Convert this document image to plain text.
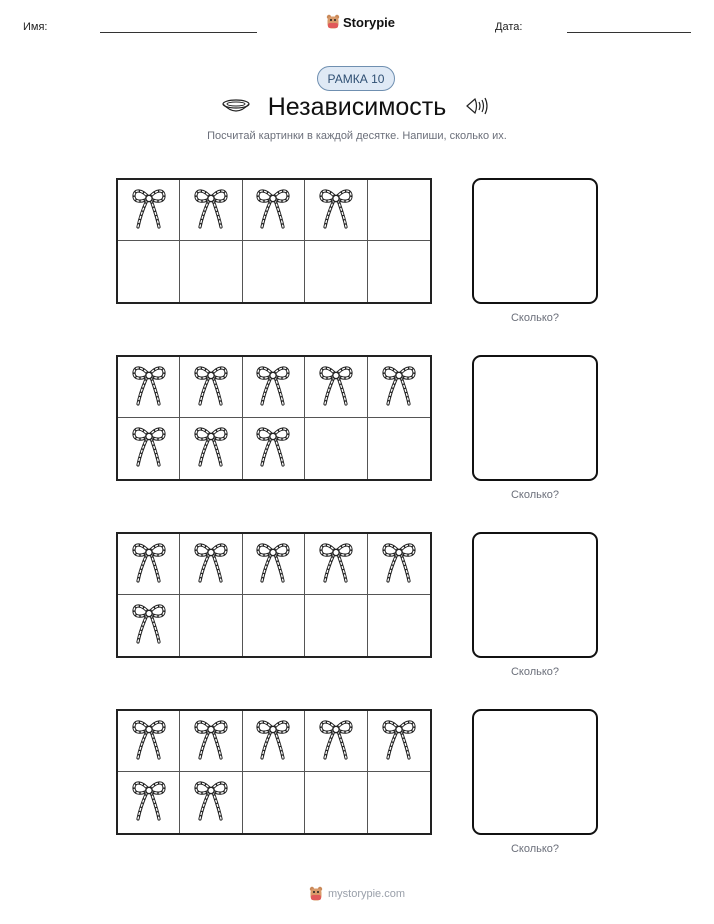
Имя:	Storypie	Дата:
РАМКА 10
Независимость
Посчитай картинки в каждой десятке. Напиши, сколько их.
Сколько?
Сколько?
Сколько?
Сколько?
mystorypie.com
